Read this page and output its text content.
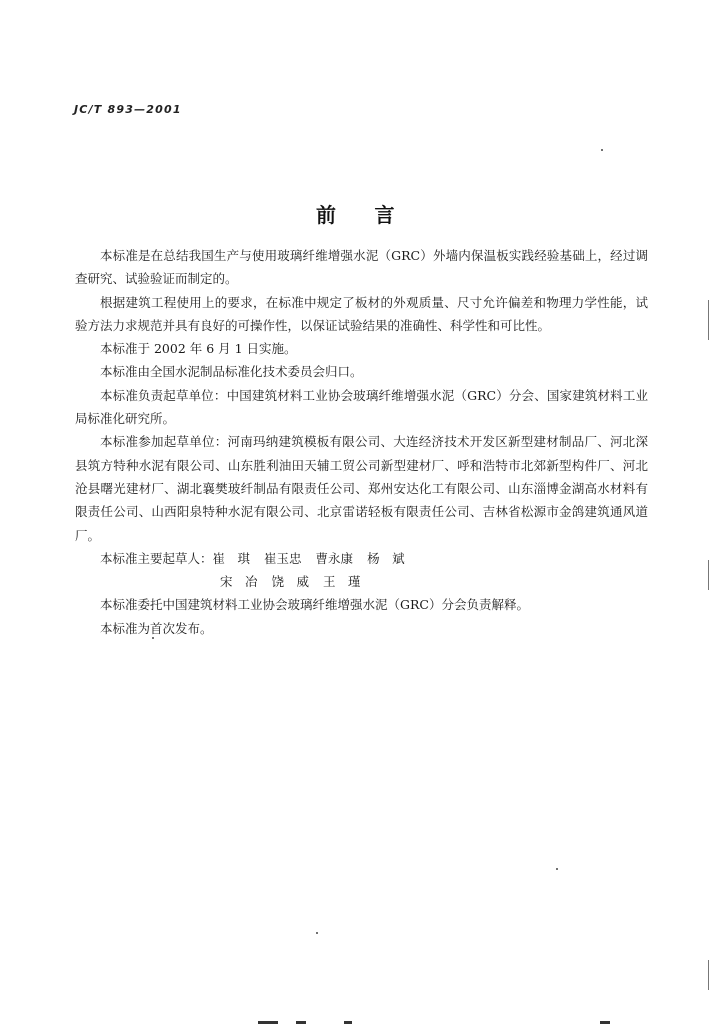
JC/T 893—2001
前 言

本标准是在总结我国生产与使用玻璃纤维增强水泥（GRC）外墙内保温板实践经验基础上，经过调查研究、试验验证而制定的。

根据建筑工程使用上的要求，在标准中规定了板材的外观质量、尺寸允许偏差和物理力学性能，试验方法力求规范并具有良好的可操作性，以保证试验结果的准确性、科学性和可比性。

本标准于 2002 年 6 月 1 日实施。

本标准由全国水泥制品标准化技术委员会归口。

本标准负责起草单位：中国建筑材料工业协会玻璃纤维增强水泥（GRC）分会、国家建筑材料工业局标准化研究所。

本标准参加起草单位：河南玛纳建筑模板有限公司、大连经济技术开发区新型建材制品厂、河北深县筑方特种水泥有限公司、山东胜利油田天辅工贸公司新型建材厂、呼和浩特市北郊新型构件厂、河北沧县曙光建材厂、湖北襄樊玻纤制品有限责任公司、郑州安达化工有限公司、山东淄博金湖高水材料有限责任公司、山西阳泉特种水泥有限公司、北京雷诺轻板有限责任公司、吉林省松源市金鸽建筑通风道厂。

本标准主要起草人：崔　琪 崔玉忠 曹永康 杨　斌
宋　冶 饶　威 王　瑾

本标准委托中国建筑材料工业协会玻璃纤维增强水泥（GRC）分会负责解释。

本标准为首次发布。
